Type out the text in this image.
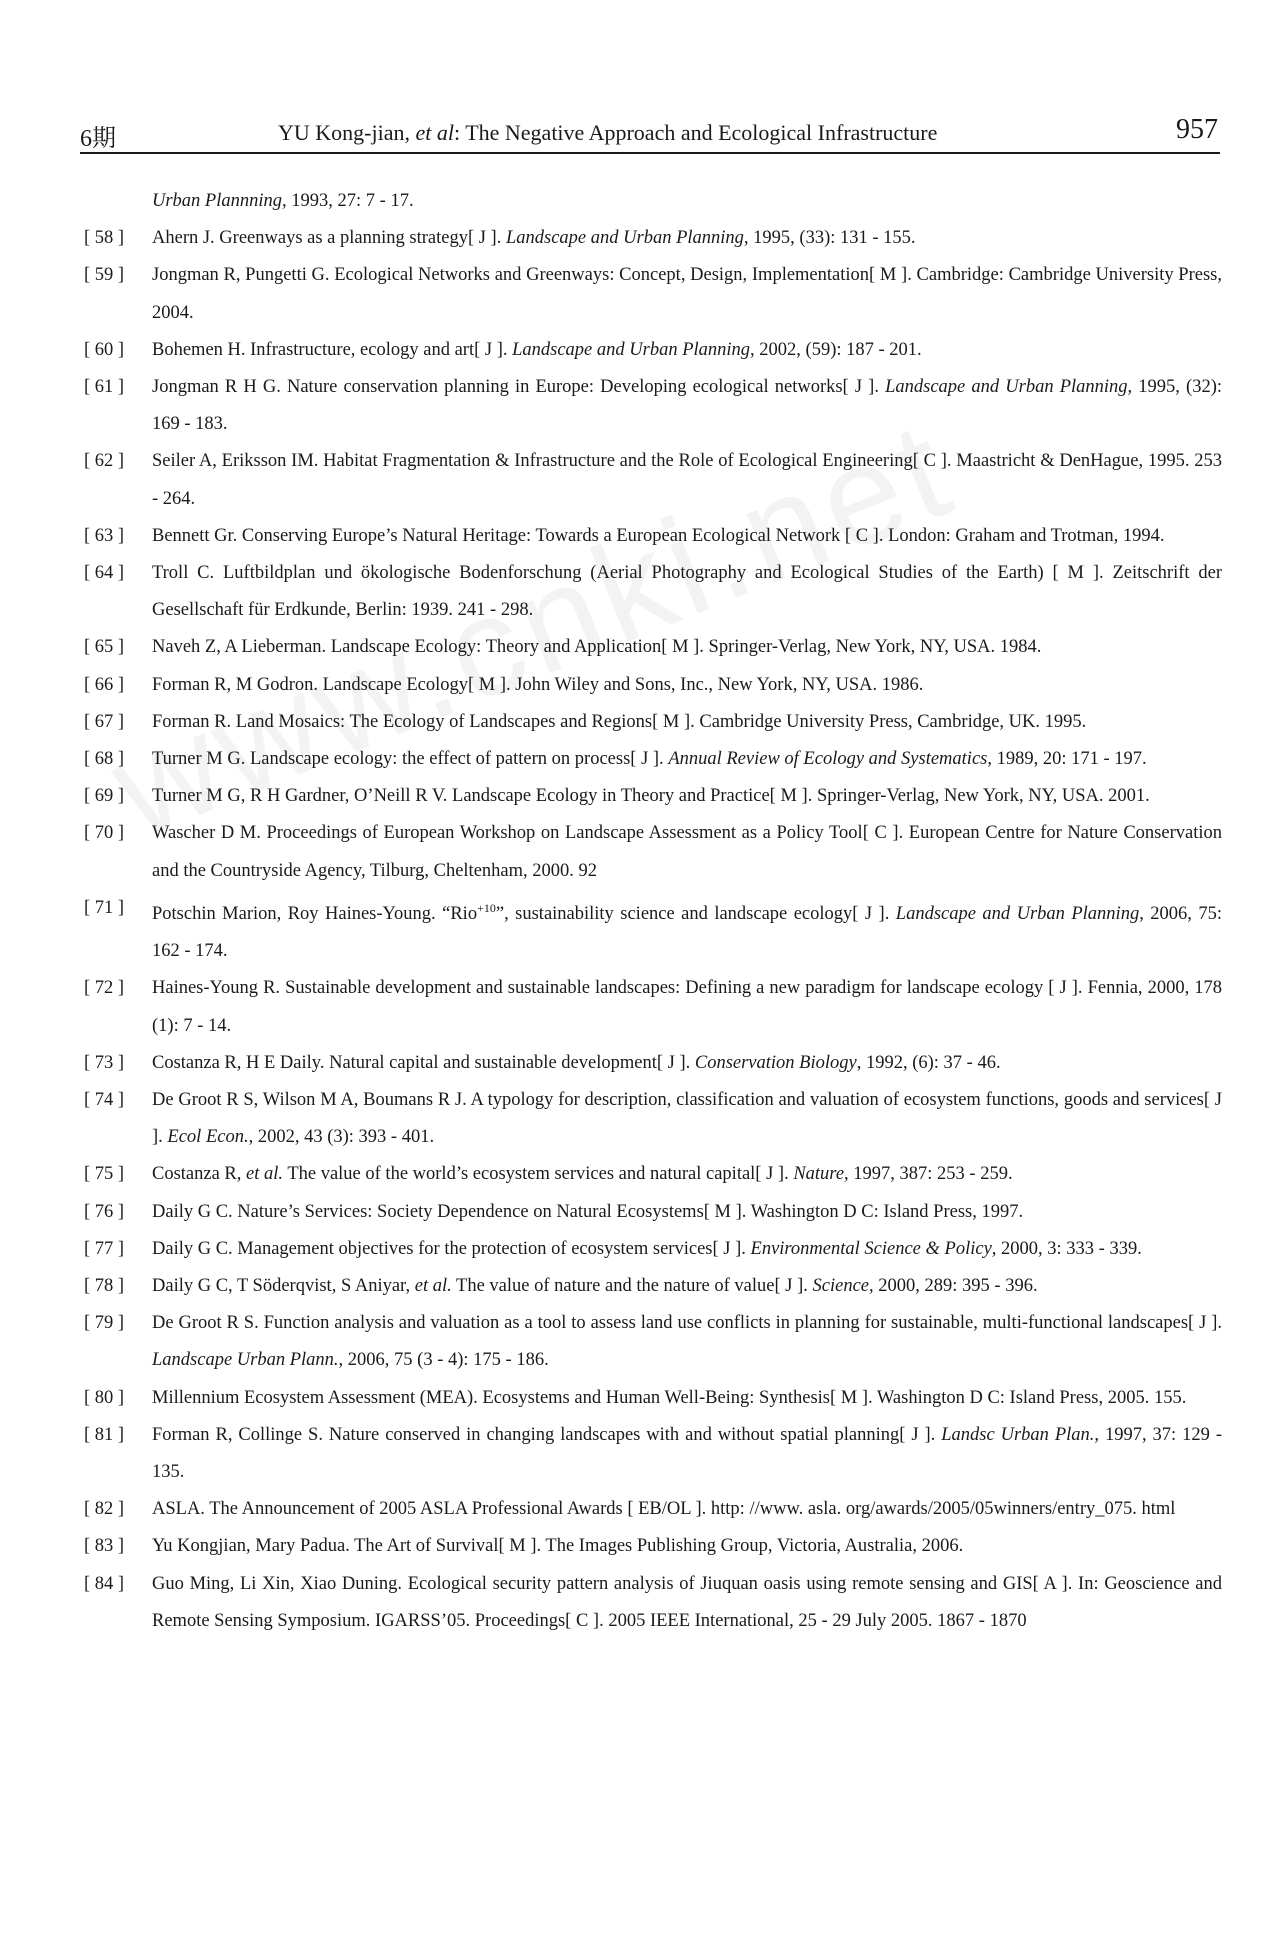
6期	YU Kong-jian, et al: The Negative Approach and Ecological Infrastructure	957
Urban Plannning, 1993, 27: 7 - 17.
[ 58 ]	Ahern J. Greenways as a planning strategy[ J ]. Landscape and Urban Planning, 1995, (33): 131 - 155.
[ 59 ]	Jongman R, Pungetti G. Ecological Networks and Greenways: Concept, Design, Implementation[ M ]. Cambridge: Cambridge University Press, 2004.
[ 60 ]	Bohemen H. Infrastructure, ecology and art[ J ]. Landscape and Urban Planning, 2002, (59): 187 - 201.
[ 61 ]	Jongman R H G. Nature conservation planning in Europe: Developing ecological networks[ J ]. Landscape and Urban Planning, 1995, (32): 169 - 183.
[ 62 ]	Seiler A, Eriksson IM. Habitat Fragmentation & Infrastructure and the Role of Ecological Engineering[ C ]. Maastricht & DenHague, 1995. 253 - 264.
[ 63 ]	Bennett Gr. Conserving Europe’s Natural Heritage: Towards a European Ecological Network [ C ]. London: Graham and Trotman, 1994.
[ 64 ]	Troll C. Luftbildplan und ökologische Bodenforschung (Aerial Photography and Ecological Studies of the Earth) [ M ]. Zeitschrift der Gesellschaft für Erdkunde, Berlin: 1939. 241 - 298.
[ 65 ]	Naveh Z, A Lieberman. Landscape Ecology: Theory and Application[ M ]. Springer-Verlag, New York, NY, USA. 1984.
[ 66 ]	Forman R, M Godron. Landscape Ecology[ M ]. John Wiley and Sons, Inc., New York, NY, USA. 1986.
[ 67 ]	Forman R. Land Mosaics: The Ecology of Landscapes and Regions[ M ]. Cambridge University Press, Cambridge, UK. 1995.
[ 68 ]	Turner M G. Landscape ecology: the effect of pattern on process[ J ]. Annual Review of Ecology and Systematics, 1989, 20: 171 - 197.
[ 69 ]	Turner M G, R H Gardner, O’Neill R V. Landscape Ecology in Theory and Practice[ M ]. Springer-Verlag, New York, NY, USA. 2001.
[ 70 ]	Wascher D M. Proceedings of European Workshop on Landscape Assessment as a Policy Tool[ C ]. European Centre for Nature Conservation and the Countryside Agency, Tilburg, Cheltenham, 2000. 92
[ 71 ]	Potschin Marion, Roy Haines-Young. “Rio$^{+10}$”, sustainability science and landscape ecology[ J ]. Landscape and Urban Planning, 2006, 75: 162 - 174.
[ 72 ]	Haines-Young R. Sustainable development and sustainable landscapes: Defining a new paradigm for landscape ecology [ J ]. Fennia, 2000, 178 (1): 7 - 14.
[ 73 ]	Costanza R, H E Daily. Natural capital and sustainable development[ J ]. Conservation Biology, 1992, (6): 37 - 46.
[ 74 ]	De Groot R S, Wilson M A, Boumans R J. A typology for description, classification and valuation of ecosystem functions, goods and services[ J ]. Ecol Econ., 2002, 43 (3): 393 - 401.
[ 75 ]	Costanza R, et al. The value of the world’s ecosystem services and natural capital[ J ]. Nature, 1997, 387: 253 - 259.
[ 76 ]	Daily G C. Nature’s Services: Society Dependence on Natural Ecosystems[ M ]. Washington D C: Island Press, 1997.
[ 77 ]	Daily G C. Management objectives for the protection of ecosystem services[ J ]. Environmental Science & Policy, 2000, 3: 333 - 339.
[ 78 ]	Daily G C, T Söderqvist, S Aniyar, et al. The value of nature and the nature of value[ J ]. Science, 2000, 289: 395 - 396.
[ 79 ]	De Groot R S. Function analysis and valuation as a tool to assess land use conflicts in planning for sustainable, multi-functional landscapes[ J ]. Landscape Urban Plann., 2006, 75 (3 - 4): 175 - 186.
[ 80 ]	Millennium Ecosystem Assessment (MEA). Ecosystems and Human Well-Being: Synthesis[ M ]. Washington D C: Island Press, 2005. 155.
[ 81 ]	Forman R, Collinge S. Nature conserved in changing landscapes with and without spatial planning[ J ]. Landsc Urban Plan., 1997, 37: 129 - 135.
[ 82 ]	ASLA. The Announcement of 2005 ASLA Professional Awards [ EB/OL ]. http: //www. asla. org/awards/2005/05winners/entry_075. html
[ 83 ]	Yu Kongjian, Mary Padua. The Art of Survival[ M ]. The Images Publishing Group, Victoria, Australia, 2006.
[ 84 ]	Guo Ming, Li Xin, Xiao Duning. Ecological security pattern analysis of Jiuquan oasis using remote sensing and GIS[ A ]. In: Geoscience and Remote Sensing Symposium. IGARSS’05. Proceedings[ C ]. 2005 IEEE International, 25 - 29 July 2005. 1867 - 1870
